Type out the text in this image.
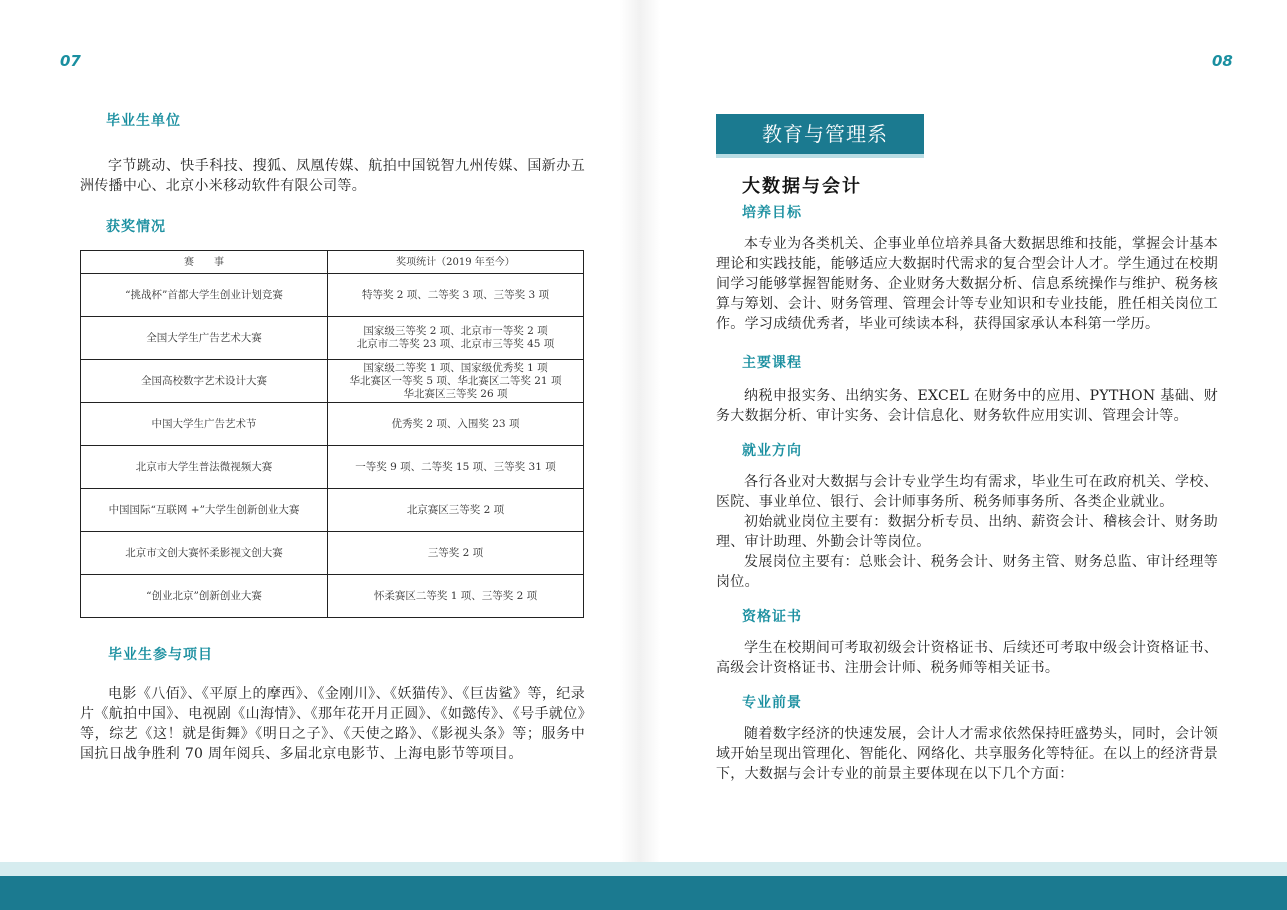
07	08
毕业生单位

字节跳动、快手科技、搜狐、凤凰传媒、航拍中国锐智九州传媒、国新办五洲传播中心、北京小米移动软件有限公司等。

获奖情况
赛　　事	奖项统计（2019 年至今）
“挑战杯”首都大学生创业计划竞赛	特等奖 2 项、二等奖 3 项、三等奖 3 项

全国大学生广告艺术大赛	国家级三等奖 2 项、北京市一等奖 2 项
北京市二等奖 23 项、北京市三等奖 45 项

全国高校数字艺术设计大赛	国家级二等奖 1 项、国家级优秀奖 1 项
华北赛区一等奖 5 项、华北赛区二等奖 21 项
华北赛区三等奖 26 项

中国大学生广告艺术节	优秀奖 2 项、入围奖 23 项

北京市大学生普法微视频大赛	一等奖 9 项、二等奖 15 项、三等奖 31 项

中国国际“互联网 +”大学生创新创业大赛	北京赛区三等奖 2 项

北京市文创大赛怀柔影视文创大赛	三等奖 2 项

“创业北京”创新创业大赛	怀柔赛区二等奖 1 项、三等奖 2 项
毕业生参与项目

电影《八佰》、《平原上的摩西》、《金刚川》、《妖猫传》、《巨齿鲨》等，纪录片《航拍中国》、电视剧《山海情》、《那年花开月正圆》、《如懿传》、《号手就位》等，综艺《这！就是街舞》《明日之子》、《天使之路》、《影视头条》等；服务中国抗日战争胜利 70 周年阅兵、多届北京电影节、上海电影节等项目。

教育与管理系
大数据与会计
培养目标

本专业为各类机关、企事业单位培养具备大数据思维和技能，掌握会计基本理论和实践技能，能够适应大数据时代需求的复合型会计人才。学生通过在校期间学习能够掌握智能财务、企业财务大数据分析、信息系统操作与维护、税务核算与筹划、会计、财务管理、管理会计等专业知识和专业技能，胜任相关岗位工作。学习成绩优秀者，毕业可续读本科，获得国家承认本科第一学历。

主要课程

纳税申报实务、出纳实务、EXCEL 在财务中的应用、PYTHON 基础、财务大数据分析、审计实务、会计信息化、财务软件应用实训、管理会计等。

就业方向

各行各业对大数据与会计专业学生均有需求，毕业生可在政府机关、学校、医院、事业单位、银行、会计师事务所、税务师事务所、各类企业就业。

初始就业岗位主要有：数据分析专员、出纳、薪资会计、稽核会计、财务助理、审计助理、外勤会计等岗位。

发展岗位主要有：总账会计、税务会计、财务主管、财务总监、审计经理等岗位。

资格证书

学生在校期间可考取初级会计资格证书、后续还可考取中级会计资格证书、高级会计资格证书、注册会计师、税务师等相关证书。

专业前景

随着数字经济的快速发展，会计人才需求依然保持旺盛势头，同时，会计领域开始呈现出管理化、智能化、网络化、共享服务化等特征。在以上的经济背景下，大数据与会计专业的前景主要体现在以下几个方面：
